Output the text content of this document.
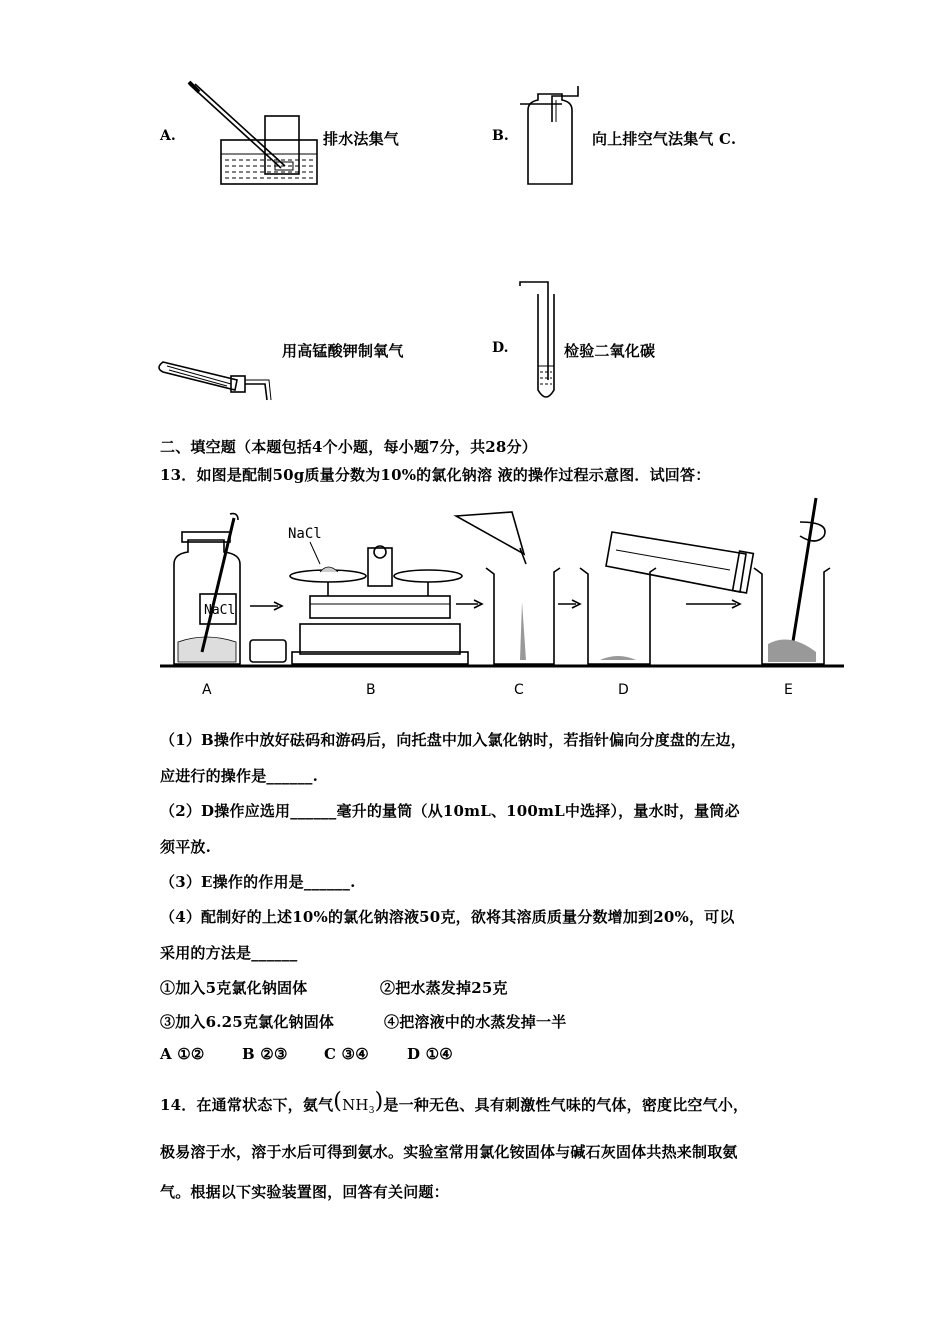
A.	排水法集气	B.	向上排空气法集气 C.
用高锰酸钾制氧气	D.	检验二氧化碳
二、填空题（本题包括4个小题，每小题7分，共28分）
13．如图是配制50g质量分数为10%的氯化钠溶 液的操作过程示意图．试回答：
NaCl
NaCl
A	B	C	D	E
（1）B操作中放好砝码和游码后，向托盘中加入氯化钠时，若指针偏向分度盘的左边，
应进行的操作是______.
（2）D操作应选用______毫升的量筒（从10mL、100mL中选择），量水时，量筒必
须平放.
（3）E操作的作用是______.
（4）配制好的上述10%的氯化钠溶液50克，欲将其溶质质量分数增加到20%，可以
采用的方法是______
①加入5克氯化钠固体	②把水蒸发掉25克
③加入6.25克氯化钠固体	④把溶液中的水蒸发掉一半
A ①② B ②③ C ③④	D ①④
14．在通常状态下，氨气$(NH_3)$是一种无色、具有刺激性气味的气体，密度比空气小，
极易溶于水，溶于水后可得到氨水。实验室常用氯化铵固体与碱石灰固体共热来制取氨
气。根据以下实验装置图，回答有关问题：
